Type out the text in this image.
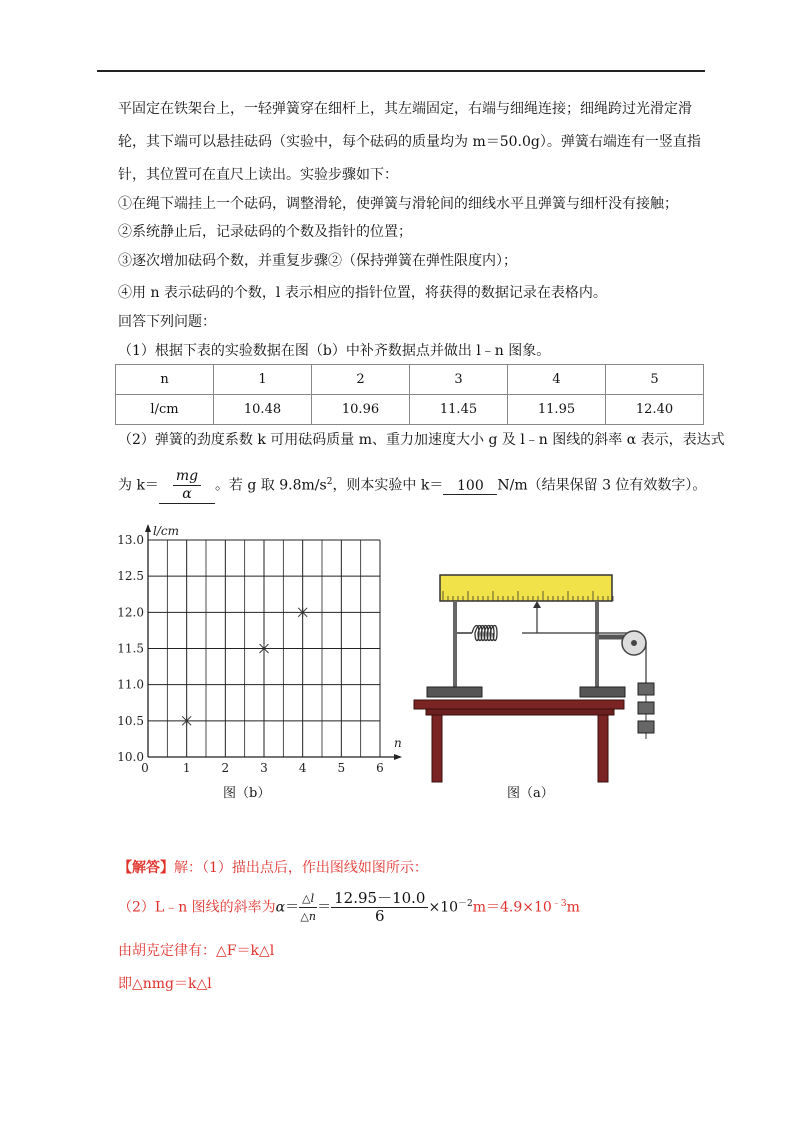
平固定在铁架台上，一轻弹簧穿在细杆上，其左端固定，右端与细绳连接；细绳跨过光滑定滑
轮，其下端可以悬挂砝码（实验中，每个砝码的质量均为 m＝50.0g）。弹簧右端连有一竖直指
针，其位置可在直尺上读出。实验步骤如下：
①在绳下端挂上一个砝码，调整滑轮，使弹簧与滑轮间的细线水平且弹簧与细杆没有接触；
②系统静止后，记录砝码的个数及指针的位置；
③逐次增加砝码个数，并重复步骤②（保持弹簧在弹性限度内）；
④用 n 表示砝码的个数，l 表示相应的指针位置，将获得的数据记录在表格内。
回答下列问题：
（1）根据下表的实验数据在图（b）中补齐数据点并做出 l﹣n 图象。
n	1	2	3	4	5
l/cm	10.48	10.96	11.45	11.95	12.40
（2）弹簧的劲度系数 k 可用砝码质量 m、重力加速度大小 g 及 l﹣n 图线的斜率 α 表示，表达式
为 $k= \frac{mg}{\alpha}$ 。若 g 取 $9.8m/s^2$，则本实验中 k＝ 100 N/m（结果保留 3 位有效数字）。
0	1	2	3	4	5	6
10.0
10.5
11.0
11.5
12.0
12.5
13.0
l/cm
n
图（b）	图（a）
【解答】解：（1）描出点后，作出图线如图所示：
（2）L﹣n 图线的斜率为$\alpha= \frac{\triangle l}{\triangle n} = \frac{12.95-10.0}{6} \times 10^{-2}m=4.9\times 10^{﹣3}m$
由胡克定律有：△F＝k△l
即△nmg＝k△l
